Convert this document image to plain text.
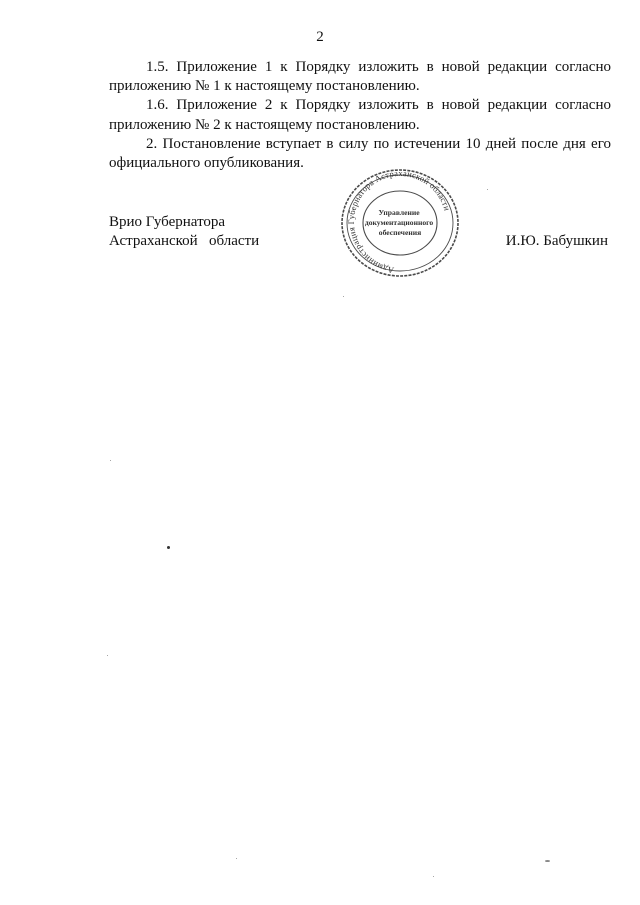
2

1.5. Приложение 1 к Порядку изложить в новой редакции согласно приложению № 1 к настоящему постановлению.

1.6. Приложение 2 к Порядку изложить в новой редакции согласно приложению № 2 к настоящему постановлению.

2. Постановление вступает в силу по истечении 10 дней после дня его официального опубликования.

Врио Губернатора
Астраханской   области	И.Ю. Бабушкин
Администрация Губернатора Астраханской области
Управление документационного обеспечения
